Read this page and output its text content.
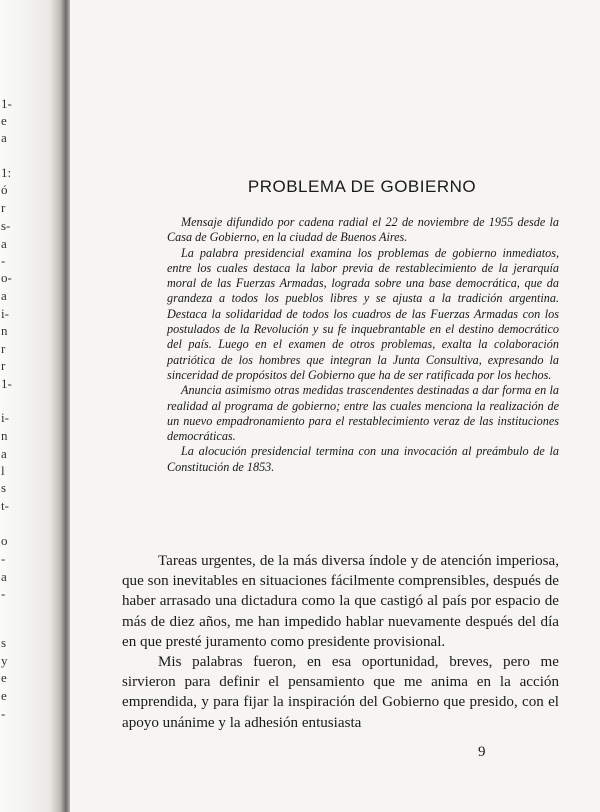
1-
e
a
1:
ó
r
s-
a
-
o-
a
i-
n
r
r
1-
i-
n
a
l
s
t-
o
-
a
-
s
y
e
e
-
PROBLEMA DE GOBIERNO

Mensaje difundido por cadena radial el 22 de noviembre de 1955 desde la Casa de Gobierno, en la ciudad de Buenos Aires.

La palabra presidencial examina los problemas de gobierno inmediatos, entre los cuales destaca la labor previa de restablecimiento de la jerarquía moral de las Fuerzas Armadas, lograda sobre una base democrática, que da grandeza a todos los pueblos libres y se ajusta a la tradición argentina. Destaca la solidaridad de todos los cuadros de las Fuerzas Armadas con los postulados de la Revolución y su fe inquebrantable en el destino democrático del país. Luego en el examen de otros problemas, exalta la colaboración patriótica de los hombres que integran la Junta Consultiva, expresando la sinceridad de propósitos del Gobierno que ha de ser ratificada por los hechos.

Anuncia asimismo otras medidas trascendentes destinadas a dar forma en la realidad al programa de gobierno; entre las cuales menciona la realización de un nuevo empadronamiento para el restablecimiento veraz de las instituciones democráticas.

La alocución presidencial termina con una invocación al preámbulo de la Constitución de 1853.

Tareas urgentes, de la más diversa índole y de atención imperiosa, que son inevitables en situaciones fácilmente comprensibles, después de haber arrasado una dictadura como la que castigó al país por espacio de más de diez años, me han impedido hablar nuevamente después del día en que presté juramento como presidente provisional.

Mis palabras fueron, en esa oportunidad, breves, pero me sirvieron para definir el pensamiento que me anima en la acción emprendida, y para fijar la inspiración del Gobierno que presido, con el apoyo unánime y la adhesión entusiasta

9
